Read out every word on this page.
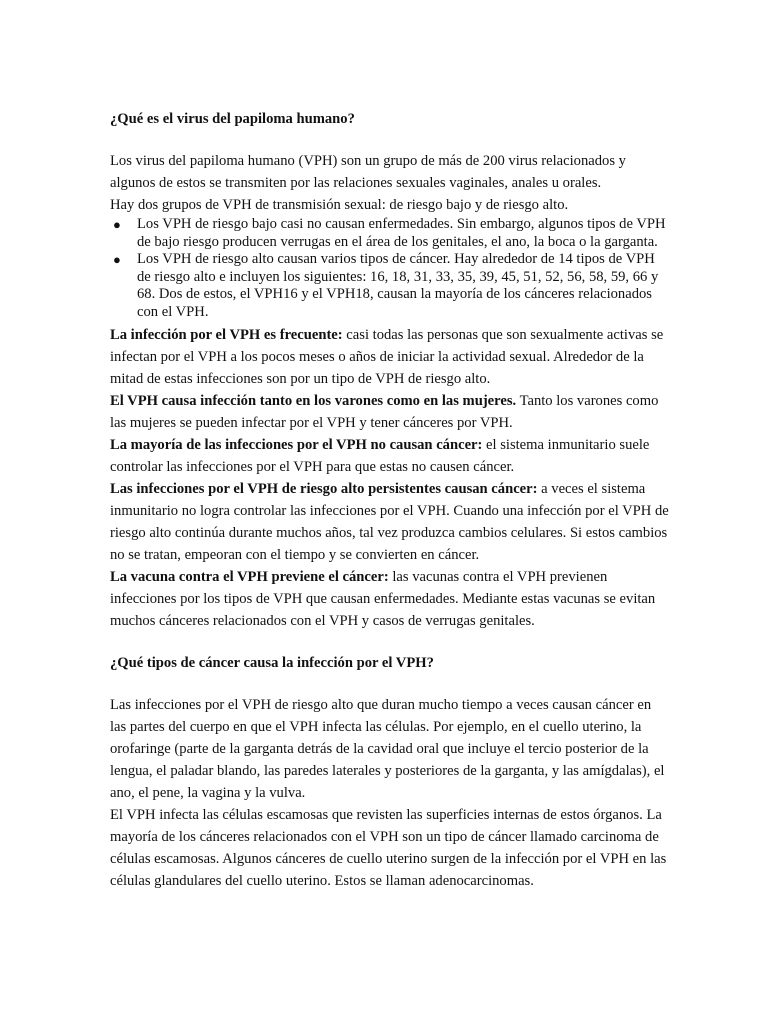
¿Qué es el virus del papiloma humano?

Los virus del papiloma humano (VPH) son un grupo de más de 200 virus relacionados y algunos de estos se transmiten por las relaciones sexuales vaginales, anales u orales.

Hay dos grupos de VPH de transmisión sexual: de riesgo bajo y de riesgo alto.

● Los VPH de riesgo bajo casi no causan enfermedades. Sin embargo, algunos tipos de VPH de bajo riesgo producen verrugas en el área de los genitales, el ano, la boca o la garganta.
● Los VPH de riesgo alto causan varios tipos de cáncer. Hay alrededor de 14 tipos de VPH de riesgo alto e incluyen los siguientes: 16, 18, 31, 33, 35, 39, 45, 51, 52, 56, 58, 59, 66 y 68. Dos de estos, el VPH16 y el VPH18, causan la mayoría de los cánceres relacionados con el VPH.

La infección por el VPH es frecuente: casi todas las personas que son sexualmente activas se infectan por el VPH a los pocos meses o años de iniciar la actividad sexual. Alrededor de la mitad de estas infecciones son por un tipo de VPH de riesgo alto.

El VPH causa infección tanto en los varones como en las mujeres. Tanto los varones como las mujeres se pueden infectar por el VPH y tener cánceres por VPH.

La mayoría de las infecciones por el VPH no causan cáncer: el sistema inmunitario suele controlar las infecciones por el VPH para que estas no causen cáncer.

Las infecciones por el VPH de riesgo alto persistentes causan cáncer: a veces el sistema inmunitario no logra controlar las infecciones por el VPH. Cuando una infección por el VPH de riesgo alto continúa durante muchos años, tal vez produzca cambios celulares. Si estos cambios no se tratan, empeoran con el tiempo y se convierten en cáncer.

La vacuna contra el VPH previene el cáncer: las vacunas contra el VPH previenen infecciones por los tipos de VPH que causan enfermedades. Mediante estas vacunas se evitan muchos cánceres relacionados con el VPH y casos de verrugas genitales.

¿Qué tipos de cáncer causa la infección por el VPH?

Las infecciones por el VPH de riesgo alto que duran mucho tiempo a veces causan cáncer en las partes del cuerpo en que el VPH infecta las células. Por ejemplo, en el cuello uterino, la orofaringe (parte de la garganta detrás de la cavidad oral que incluye el tercio posterior de la lengua, el paladar blando, las paredes laterales y posteriores de la garganta, y las amígdalas), el ano, el pene, la vagina y la vulva.

El VPH infecta las células escamosas que revisten las superficies internas de estos órganos. La mayoría de los cánceres relacionados con el VPH son un tipo de cáncer llamado carcinoma de células escamosas. Algunos cánceres de cuello uterino surgen de la infección por el VPH en las células glandulares del cuello uterino. Estos se llaman adenocarcinomas.
